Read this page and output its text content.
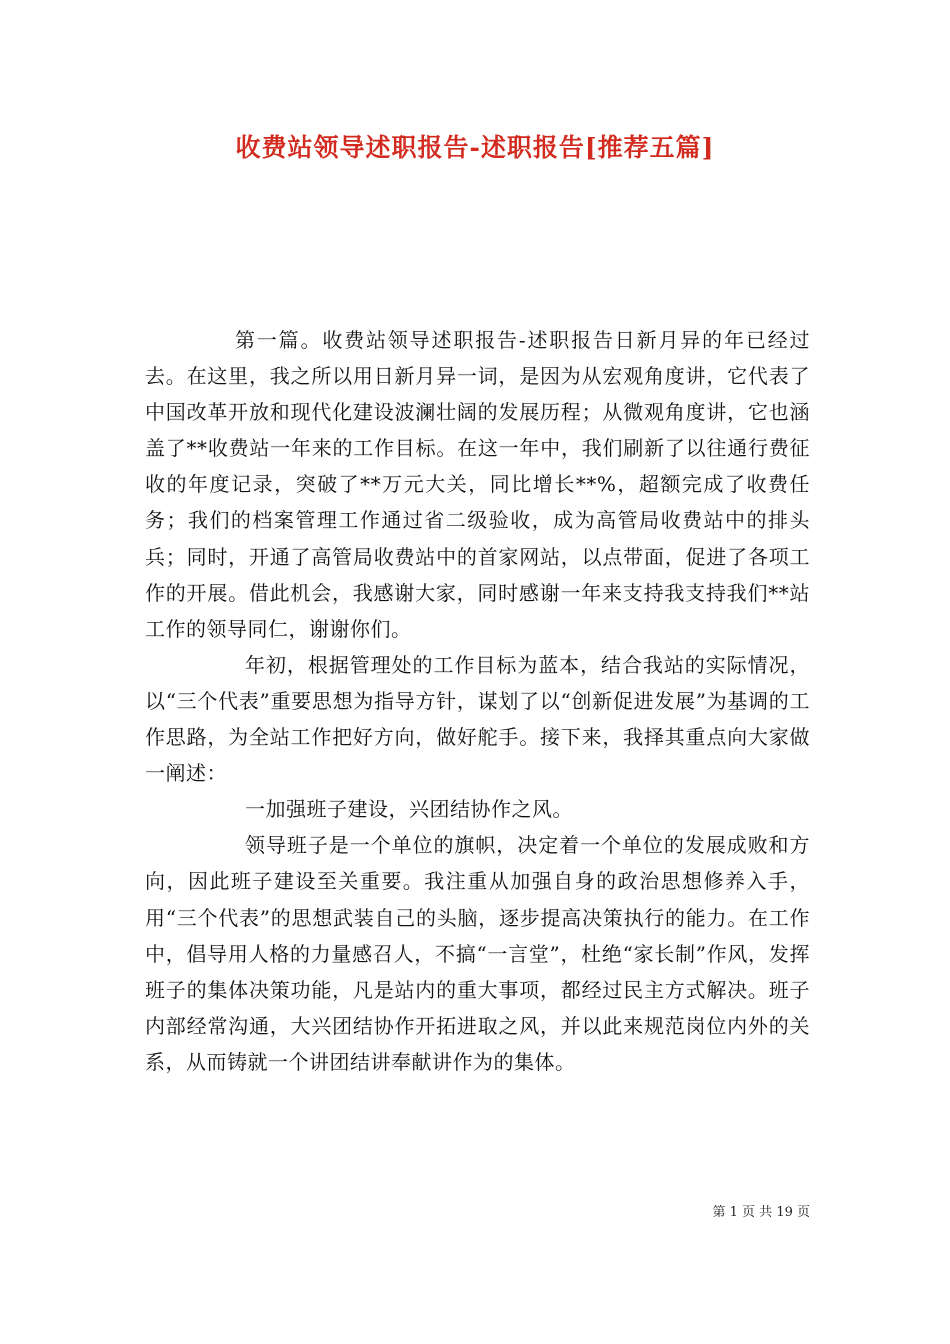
收费站领导述职报告-述职报告[推荐五篇]

第一篇。收费站领导述职报告-述职报告日新月异的年已经过去。在这里，我之所以用日新月异一词，是因为从宏观角度讲，它代表了中国改革开放和现代化建设波澜壮阔的发展历程；从微观角度讲，它也涵盖了**收费站一年来的工作目标。在这一年中，我们刷新了以往通行费征收的年度记录，突破了**万元大关，同比增长**%，超额完成了收费任务；我们的档案管理工作通过省二级验收，成为高管局收费站中的排头兵；同时，开通了高管局收费站中的首家网站，以点带面，促进了各项工作的开展。借此机会，我感谢大家，同时感谢一年来支持我支持我们**站工作的领导同仁，谢谢你们。

年初，根据管理处的工作目标为蓝本，结合我站的实际情况，以“三个代表”重要思想为指导方针，谋划了以“创新促进发展”为基调的工作思路，为全站工作把好方向，做好舵手。接下来，我择其重点向大家做一阐述：

一加强班子建设，兴团结协作之风。

领导班子是一个单位的旗帜，决定着一个单位的发展成败和方向，因此班子建设至关重要。我注重从加强自身的政治思想修养入手，用“三个代表”的思想武装自己的头脑，逐步提高决策执行的能力。在工作中，倡导用人格的力量感召人，不搞“一言堂”，杜绝“家长制”作风，发挥班子的集体决策功能，凡是站内的重大事项，都经过民主方式解决。班子内部经常沟通，大兴团结协作开拓进取之风，并以此来规范岗位内外的关系，从而铸就一个讲团结讲奉献讲作为的集体。

第 1 页 共 19 页
